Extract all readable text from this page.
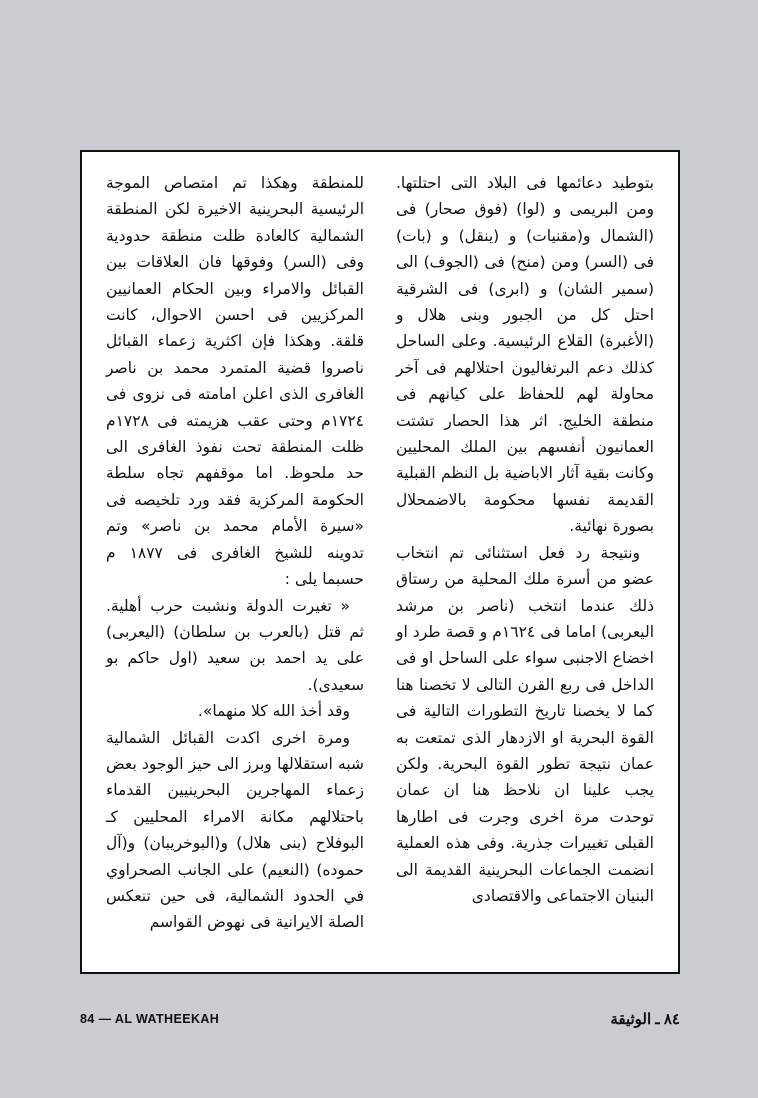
بتوطيد دعائمها فى البلاد التى احتلتها. ومن البريمى و (لوا) (فوق صحار) فى (الشمال و(مقنيات) و (ينقل) و (بات) فى (السر) ومن (منح) فى (الجوف) الى (سمير الشان) و (ابرى) فى الشرقية احتل كل من الجبور وبنى هلال و (الأغبرة) القلاع الرئيسية. وعلى الساحل كذلك دعم البرتغاليون احتلالهم فى آخر محاولة لهم للحفاظ على كيانهم فى منطقة الخليج. اثر هذا الحصار تشتت العمانيون أنفسهم بين الملك المحليين وكانت بقية آثار الاباضية بل النظم القبلية القديمة نفسها محكومة بالاضمحلال بصورة نهائية.

ونتيجة رد فعل استثنائى تم انتخاب عضو من أسرة ملك المحلية من رستاق ذلك عندما انتخب (ناصر بن مرشد اليعربى) اماما فى ١٦٢٤م و قصة طرد او اخضاع الاجنبى سواء على الساحل او فى الداخل فى ربع القرن التالى لا تخصنا هنا كما لا يخصنا تاريخ التطورات التالية فى القوة البحرية او الازدهار الذى تمتعت به عمان نتيجة تطور القوة البحرية. ولكن يجب علينا ان نلاحظ هنا ان عمان توحدت مرة اخرى وجرت فى اطارها القبلى تغييرات جذرية. وفى هذه العملية انضمت الجماعات البحرينية القديمة الى البنيان الاجتماعى والاقتصادى

للمنطقة وهكذا تم امتصاص الموجة الرئيسية البحرينية الاخيرة لكن المنطقة الشمالية كالعادة ظلت منطقة حدودية وفى (السر) وفوقها فان العلاقات بين القبائل والامراء وبين الحكام العمانيين المركزيين فى احسن الاحوال، كانت قلقة. وهكذا فإن اكثرية زعماء القبائل ناصروا قضية المتمرد محمد بن ناصر الغافرى الذى اعلن امامته فى نزوى فى ١٧٢٤م وحتى عقب هزيمته فى ١٧٢٨م ظلت المنطقة تحت نفوذ الغافرى الى حد ملحوظ. اما موقفهم تجاه سلطة الحكومة المركزية فقد ورد تلخيصه فى «سيرة الأمام محمد بن ناصر» وتم تدوينه للشيخ الغافرى فى ١٨٧٧ م حسبما يلى :

« تغيرت الدولة ونشبت حرب أهلية. ثم قتل (بالعرب بن سلطان) (اليعربى) على يد احمد بن سعيد (اول حاكم بو سعيدى).

وقد أخذ الله كلا منهما».

ومرة اخرى اكدت القبائل الشمالية شبه استقلالها وبرز الى حيز الوجود بعض زعماء المهاجرين البحرينيين القدماء باحتلالهم مكانة الامراء المحليين كـ البوفلاح (بنى هلال) و(البوخريبان) و(آل حموده) (النعيم) على الجانب الصحراوي في الحدود الشمالية، فى حين تنعكس الصلة الايرانية فى نهوض القواسم

84 — AL WATHEEKAH	٨٤ ـ الوثيقة
